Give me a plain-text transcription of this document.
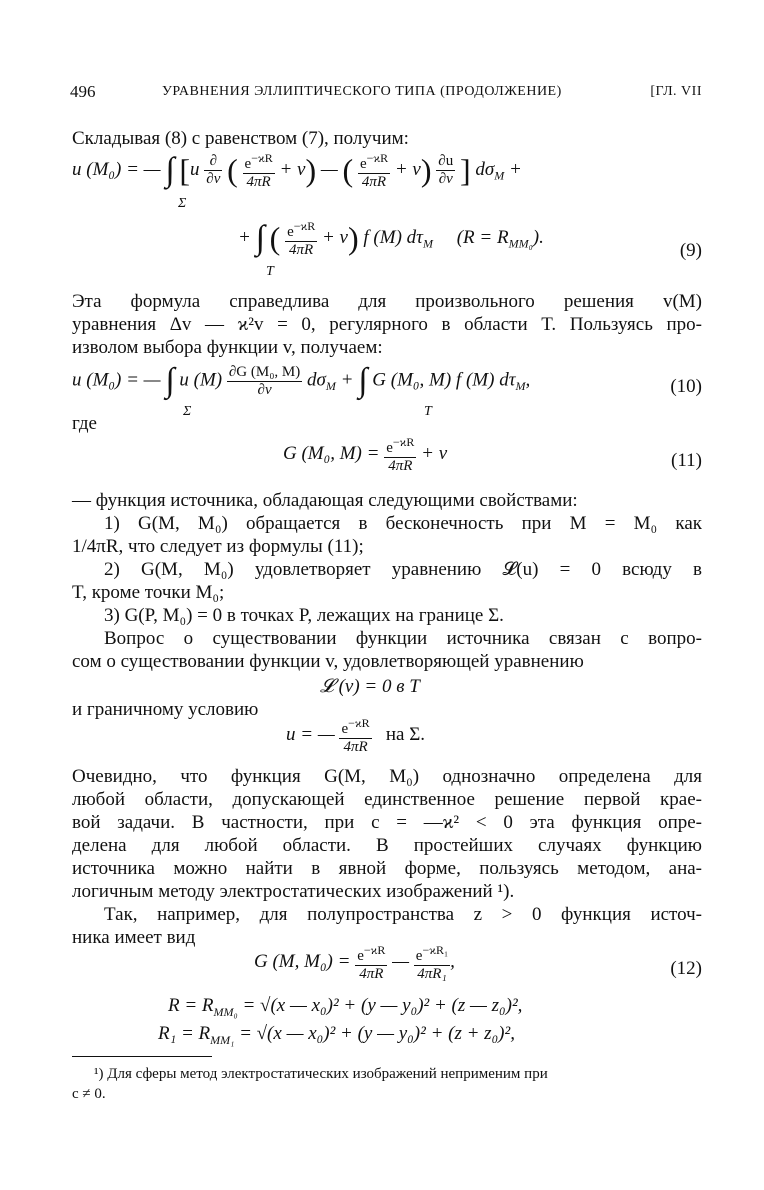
496	УРАВНЕНИЯ ЭЛЛИПТИЧЕСКОГО ТИПА (ПРОДОЛЖЕНИЕ)	[ГЛ. VII
Складывая (8) с равенством (7), получим:
u (M₀) = — ∫ [$u \frac{\partial}{\partial\nu}$ ( $\frac{e^{-ϰR}}{4\pi R} + v$) — ( $\frac{e^{-ϰR}}{4\pi R} + v) \frac{\partial u}{\partial\nu}$ ] $d\sigma_M$ +
Σ
+ ∫ ( $\frac{e^{-ϰR}}{4\pi R} + v$) f (M) $d\tau_M$ $(R = R_{MM_0})$.
T
(9)
Эта формула справедлива для произвольного решения v(M)
уравнения Δv — ϰ²v = 0, регулярного в области T. Пользуясь про-
изволом выбора функции v, получаем:
u (M₀) = — ∫ u $(M) \frac{\text{∂G (M₀, M)}}{\partial\nu} d\sigma_M$ + ∫ G (M₀, M) f (M) $d\tau_M$,
Σ	T
(10)
где
G (M₀, $M) = \frac{e^{-ϰR}}{4\pi R} + v$	(11)
— функция источника, обладающая следующими свойствами:
1) G(M, M₀) обращается в бесконечность при M = M₀ как
1/4πR, что следует из формулы (11);
2) G(M, M₀) удовлетворяет уравнению 𝓛(u) = 0 всюду в
T, кроме точки M₀;
3) G(P, M₀) = 0 в точках P, лежащих на границе Σ.
Вопрос о существовании функции источника связан с вопро-
сом о существовании функции v, удовлетворяющей уравнению
𝓛 (v) = 0 в T
и граничному условию
u = — $\frac{e^{-ϰR}}{4\pi R}$ на Σ.
Очевидно, что функция G(M, M₀) однозначно определена для
любой области, допускающей единственное решение первой крае-
вой задачи. В частности, при c = —ϰ² < 0 эта функция опре-
делена для любой области. В простейших случаях функцию
источника можно найти в явной форме, пользуясь методом, ана-
логичным методу электростатических изображений ¹).
Так, например, для полупространства z > 0 функция источ-
ника имеет вид
G (M, $M_0) = \frac{e^{-ϰR}}{4\pi R}$ — $\frac{e^{-ϰR_1}}{\text{4πR₁}}$ ,	(12)
$R = R_{MM_0} = √(x$ — x₀)² + (y — y₀)² + (z — z₀)²,
$R_1 = R_{MM_1} = √(x$ — x₀)² + (y — y₀)² + (z + z₀)²,
¹) Для сферы метод электростатических изображений неприменим при
c ≠ 0.
